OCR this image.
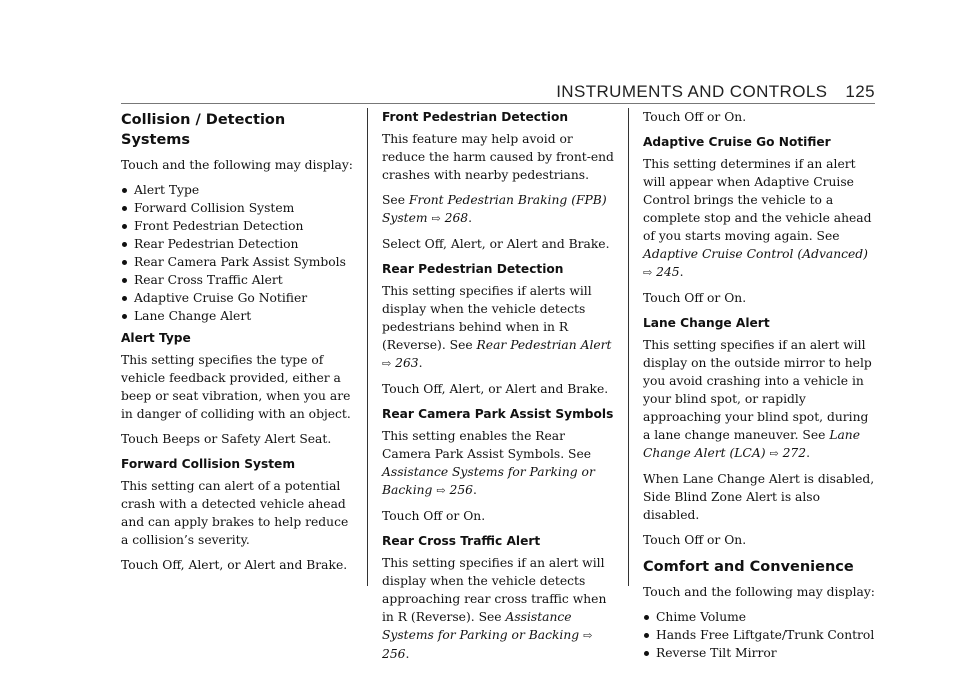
INSTRUMENTS AND CONTROLS 125
Collision / Detection Systems

Touch and the following may display:

Alert Type
Forward Collision System
Front Pedestrian Detection
Rear Pedestrian Detection
Rear Camera Park Assist Symbols
Rear Cross Traffic Alert
Adaptive Cruise Go Notifier
Lane Change Alert
Alert Type

This setting specifies the type of vehicle feedback provided, either a beep or seat vibration, when you are in danger of colliding with an object.

Touch Beeps or Safety Alert Seat.

Forward Collision System

This setting can alert of a potential crash with a detected vehicle ahead and can apply brakes to help reduce a collision’s severity.

Touch Off, Alert, or Alert and Brake.

Front Pedestrian Detection

This feature may help avoid or reduce the harm caused by front-end crashes with nearby pedestrians.

See Front Pedestrian Braking (FPB) System ⇨ 268.

Select Off, Alert, or Alert and Brake.

Rear Pedestrian Detection

This setting specifies if alerts will display when the vehicle detects pedestrians behind when in R (Reverse). See Rear Pedestrian Alert ⇨ 263.

Touch Off, Alert, or Alert and Brake.

Rear Camera Park Assist Symbols

This setting enables the Rear Camera Park Assist Symbols. See Assistance Systems for Parking or Backing ⇨ 256.

Touch Off or On.

Rear Cross Traffic Alert

This setting specifies if an alert will display when the vehicle detects approaching rear cross traffic when in R (Reverse). See Assistance Systems for Parking or Backing ⇨ 256.

Touch Off or On.

Adaptive Cruise Go Notifier

This setting determines if an alert will appear when Adaptive Cruise Control brings the vehicle to a complete stop and the vehicle ahead of you starts moving again. See Adaptive Cruise Control (Advanced) ⇨ 245.

Touch Off or On.

Lane Change Alert

This setting specifies if an alert will display on the outside mirror to help you avoid crashing into a vehicle in your blind spot, or rapidly approaching your blind spot, during a lane change maneuver. See Lane Change Alert (LCA) ⇨ 272.

When Lane Change Alert is disabled, Side Blind Zone Alert is also disabled.

Touch Off or On.

Comfort and Convenience

Touch and the following may display:

Chime Volume
Hands Free Liftgate/Trunk Control
Reverse Tilt Mirror
